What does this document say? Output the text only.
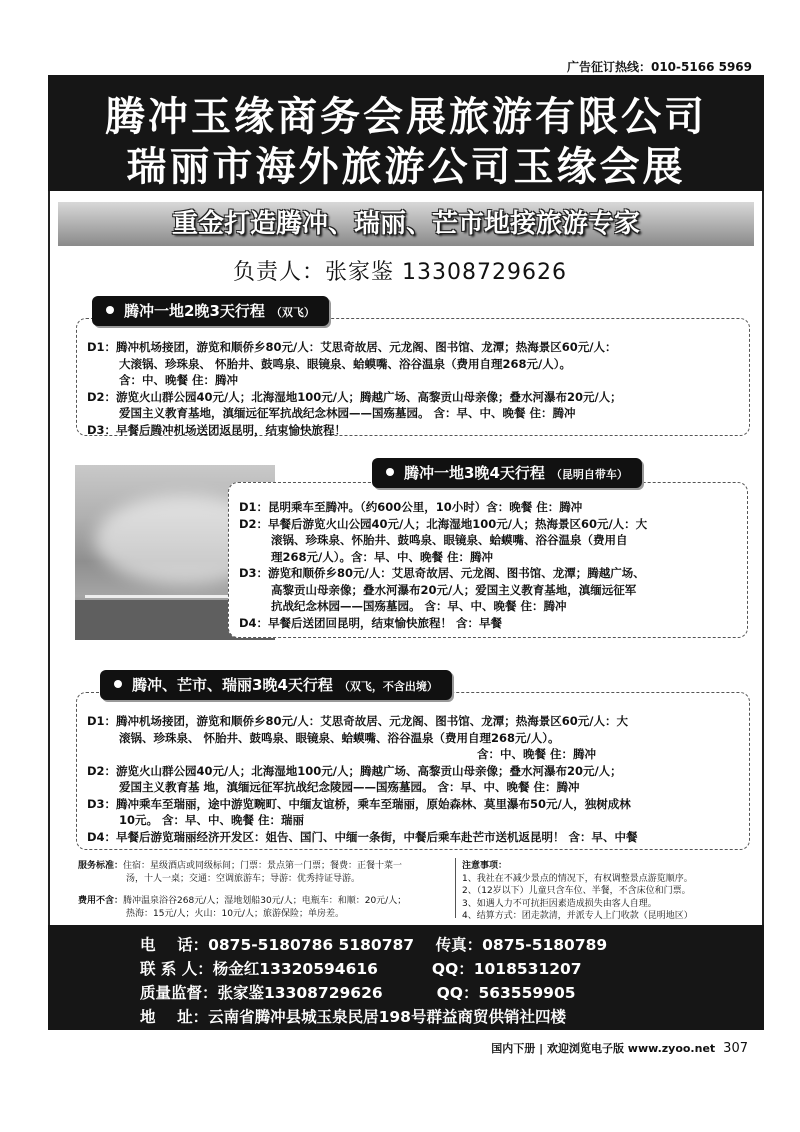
广告征订热线：010-5166 5969
腾冲玉缘商务会展旅游有限公司
瑞丽市海外旅游公司玉缘会展
重金打造腾冲、瑞丽、芒市地接旅游专家
负责人：张家鉴 13308729626

D1：腾冲机场接团，游览和顺侨乡80元/人：艾思奇故居、元龙阁、图书馆、龙潭；热海景区60元/人：

大滚锅、珍珠泉、 怀胎井、鼓鸣泉、眼镜泉、蛤蟆嘴、浴谷温泉（费用自理268元/人）。

含：中、晚餐 住：腾冲

D2：游览火山群公园40元/人；北海湿地100元/人；腾越广场、高黎贡山母亲像；叠水河瀑布20元/人；

爱国主义教育基地，滇缅远征军抗战纪念林园——国殇墓园。 含：早、中、晚餐 住：腾冲

D3：早餐后腾冲机场送团返昆明，结束愉快旅程！

腾冲一地2晚3天行程 （双飞）

D1：昆明乘车至腾冲。（约600公里，10小时）含：晚餐 住：腾冲

D2：早餐后游览火山公园40元/人；北海湿地100元/人；热海景区60元/人：大

滚锅、珍珠泉、怀胎井、鼓鸣泉、眼镜泉、蛤蟆嘴、浴谷温泉（费用自

理268元/人）。含：早、中、晚餐 住：腾冲

D3：游览和顺侨乡80元/人：艾思奇故居、元龙阁、图书馆、龙潭；腾越广场、

高黎贡山母亲像；叠水河瀑布20元/人；爱国主义教育基地，滇缅远征军

抗战纪念林园——国殇墓园。 含：早、中、晚餐 住：腾冲

D4：早餐后送团回昆明，结束愉快旅程！ 含：早餐

腾冲一地3晚4天行程 （昆明自带车）

D1：腾冲机场接团，游览和顺侨乡80元/人：艾思奇故居、元龙阁、图书馆、龙潭；热海景区60元/人：大

滚锅、珍珠泉、 怀胎井、鼓鸣泉、眼镜泉、蛤蟆嘴、浴谷温泉（费用自理268元/人）。

含：中、晚餐 住：腾冲

D2：游览火山群公园40元/人；北海湿地100元/人；腾越广场、高黎贡山母亲像；叠水河瀑布20元/人；

爱国主义教育基 地，滇缅远征军抗战纪念陵园——国殇墓园。 含：早、中、晚餐 住：腾冲

D3：腾冲乘车至瑞丽，途中游览畹町、中缅友谊桥，乘车至瑞丽，原始森林、莫里瀑布50元/人，独树成林

10元。 含：早、中、晚餐 住：瑞丽

D4：早餐后游览瑞丽经济开发区：姐告、国门、中缅一条街，中餐后乘车赴芒市送机返昆明！ 含：早、中餐

腾冲、芒市、瑞丽3晚4天行程 （双飞，不含出境）
服务标准：住宿：星级酒店或同级标间；门票：景点第一门票；餐费：正餐十菜一
汤，十人一桌；交通：空调旅游车；导游：优秀持证导游。
费用不含：腾冲温泉浴谷268元/人；湿地划船30元/人；电瓶车：和顺：20元/人；
热海：15元/人；火山：10元/人；旅游保险；单房差。
注意事项：
1、我社在不减少景点的情况下，有权调整景点游览顺序。
2、（12岁以下）儿童只含车位、半餐，不含床位和门票。
3、如遇人力不可抗拒因素造成损失由客人自理。
4、结算方式：团走款清，并派专人上门收款（昆明地区）
电    话：0875-5180786 5180787    传真：0875-5180789
联 系 人：杨金红13320594616          QQ：1018531207
质量监督：张家鉴13308729626          QQ：563559905
地    址：云南省腾冲县城玉泉民居198号群益商贸供销社四楼
国内下册 | 欢迎浏览电子版 www.zyoo.net 307
